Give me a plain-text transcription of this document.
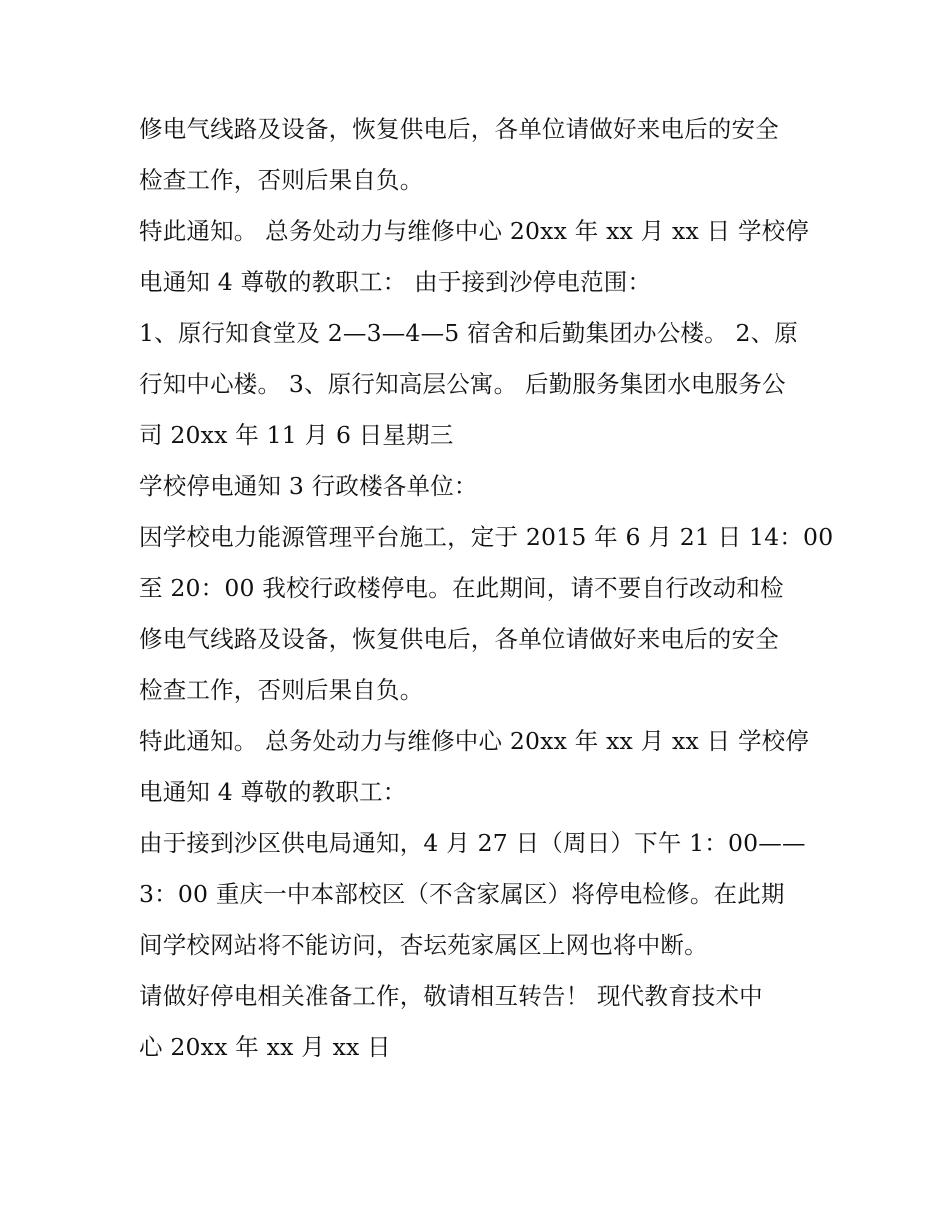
修电气线路及设备，恢复供电后，各单位请做好来电后的安全
检查工作，否则后果自负。
特此通知。 总务处动力与维修中心 20xx 年 xx 月 xx 日 学校停
电通知 4 尊敬的教职工： 由于接到沙停电范围：
1、原行知食堂及 2—3—4—5 宿舍和后勤集团办公楼。 2、原
行知中心楼。 3、原行知高层公寓。 后勤服务集团水电服务公
司 20xx 年 11 月 6 日星期三
学校停电通知 3 行政楼各单位：
因学校电力能源管理平台施工，定于 2015 年 6 月 21 日 14：00
至 20：00 我校行政楼停电。在此期间，请不要自行改动和检
修电气线路及设备，恢复供电后，各单位请做好来电后的安全
检查工作，否则后果自负。
特此通知。 总务处动力与维修中心 20xx 年 xx 月 xx 日 学校停
电通知 4 尊敬的教职工：
由于接到沙区供电局通知，4 月 27 日（周日）下午 1：00——
3：00 重庆一中本部校区（不含家属区）将停电检修。在此期
间学校网站将不能访问，杏坛苑家属区上网也将中断。
请做好停电相关准备工作，敬请相互转告！ 现代教育技术中
心 20xx 年 xx 月 xx 日
